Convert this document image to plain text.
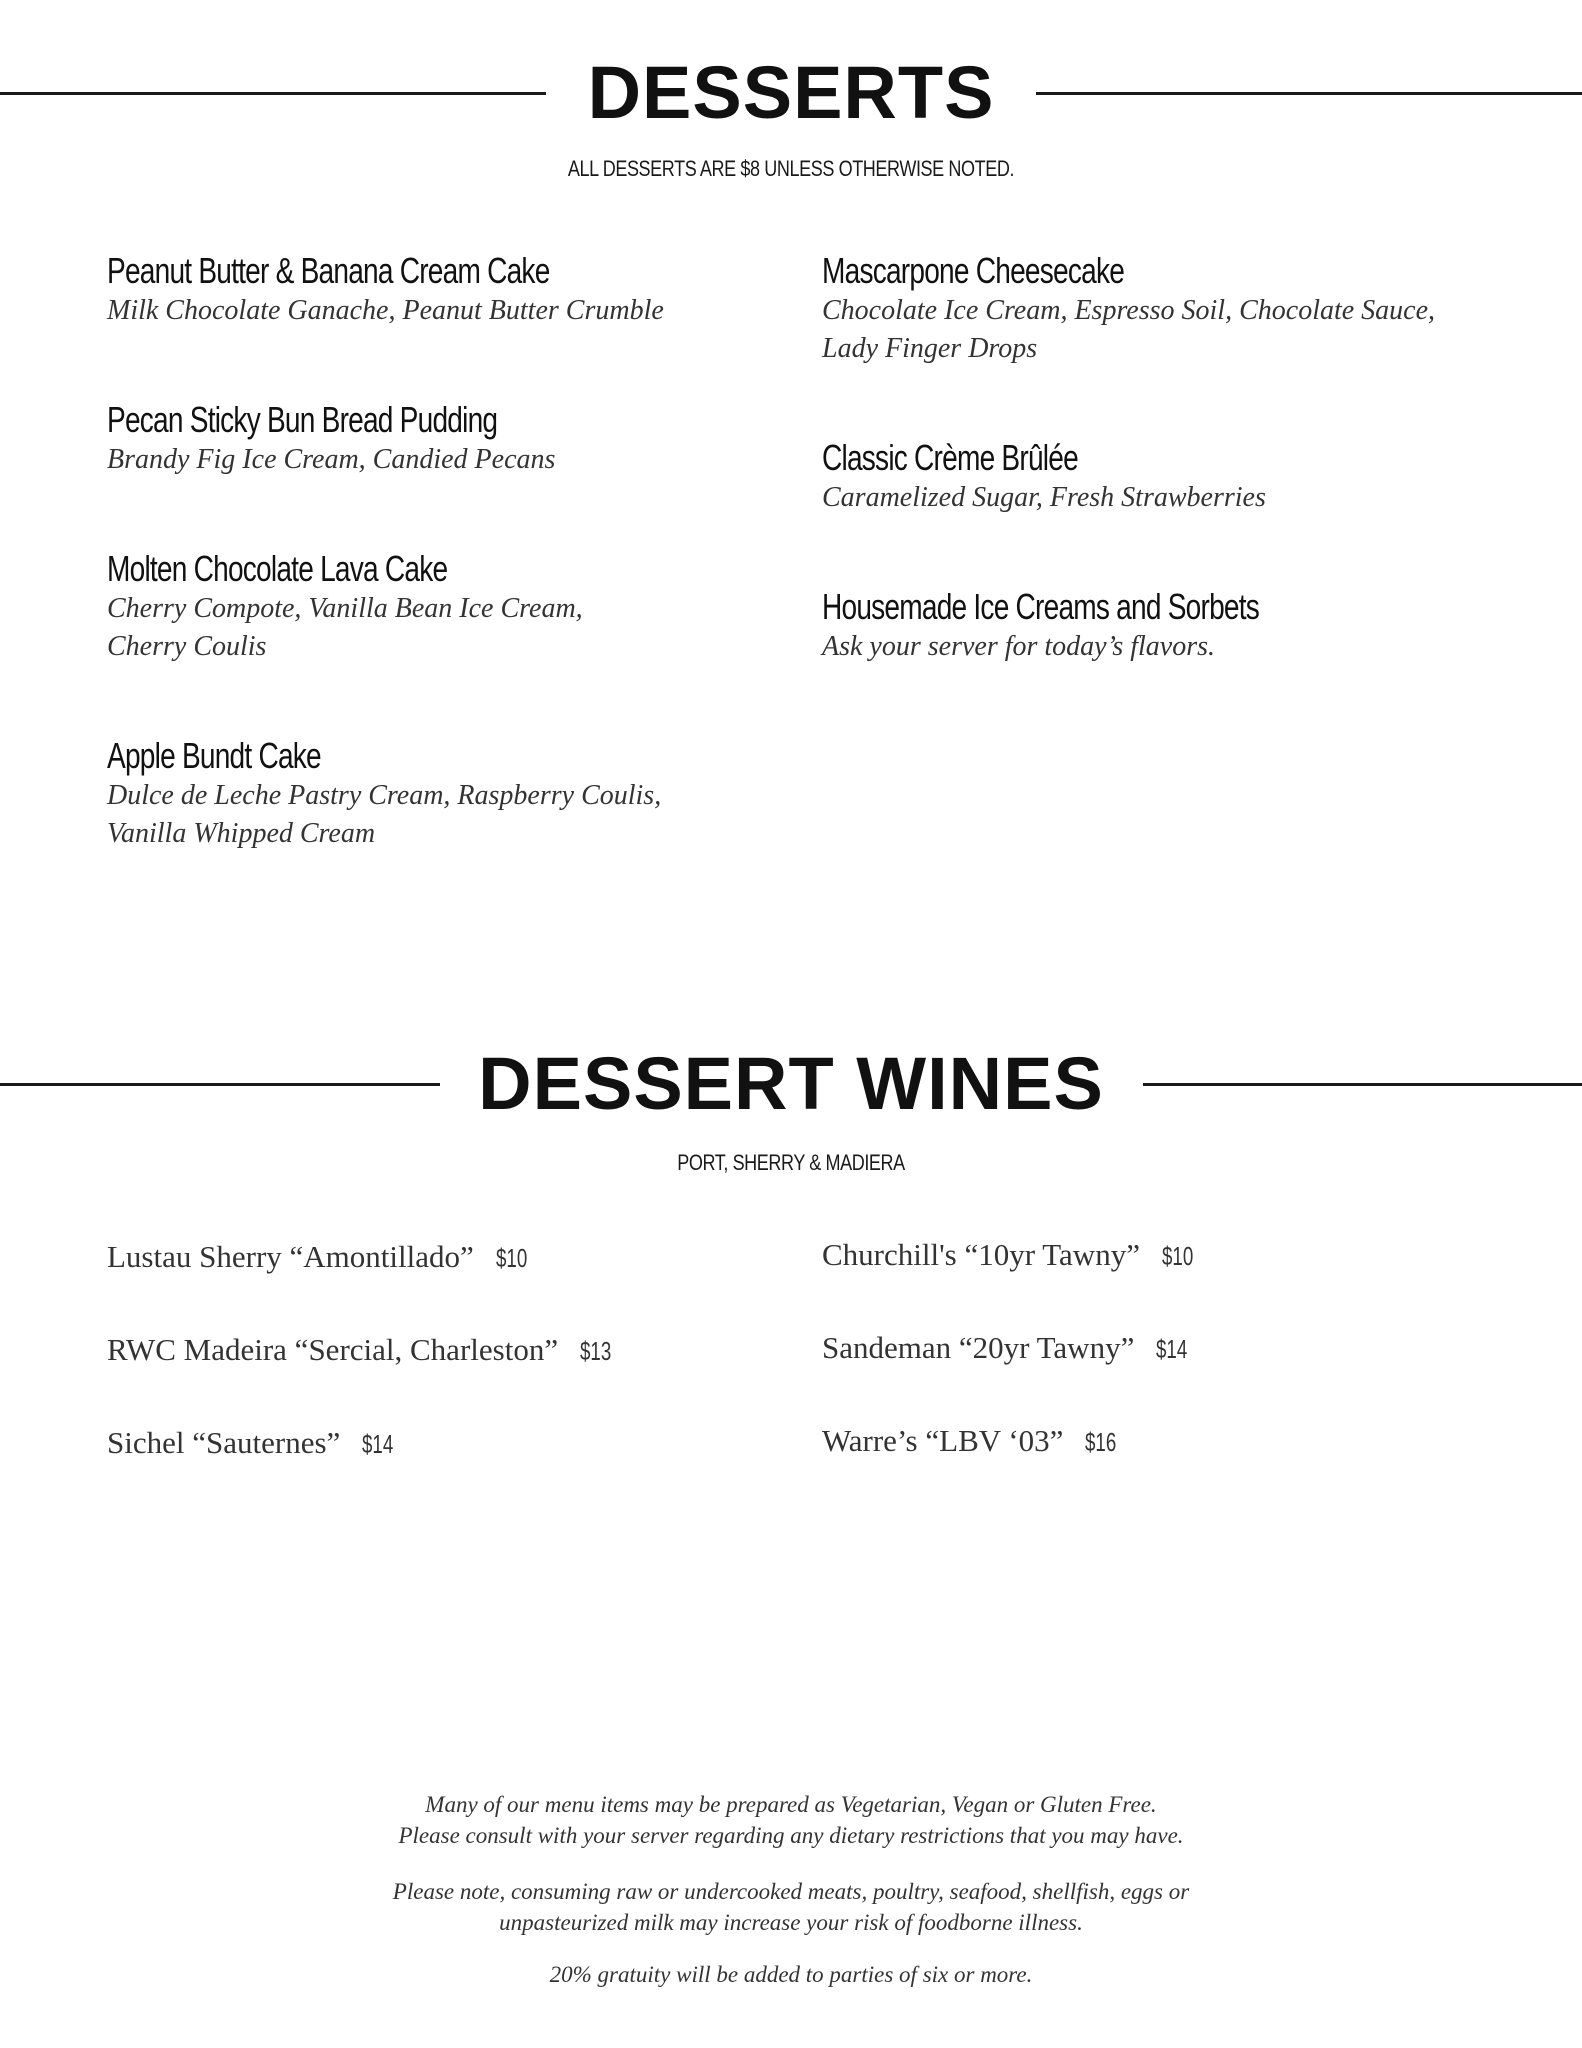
DESSERTS
ALL DESSERTS ARE $8 UNLESS OTHERWISE NOTED.
Peanut Butter & Banana Cream Cake
Milk Chocolate Ganache, Peanut Butter Crumble
Pecan Sticky Bun Bread Pudding
Brandy Fig Ice Cream, Candied Pecans
Molten Chocolate Lava Cake
Cherry Compote, Vanilla Bean Ice Cream, Cherry Coulis
Apple Bundt Cake
Dulce de Leche Pastry Cream, Raspberry Coulis, Vanilla Whipped Cream
Mascarpone Cheesecake
Chocolate Ice Cream, Espresso Soil, Chocolate Sauce, Lady Finger Drops
Classic Crème Brûlée
Caramelized Sugar, Fresh Strawberries
Housemade Ice Creams and Sorbets
Ask your server for today’s flavors.
DESSERT WINES
PORT, SHERRY & MADIERA
Lustau Sherry “Amontillado” $10
RWC Madeira “Sercial, Charleston” $13
Sichel “Sauternes” $14
Churchill's “10yr Tawny” $10
Sandeman “20yr Tawny” $14
Warre’s “LBV ‘03” $16
Many of our menu items may be prepared as Vegetarian, Vegan or Gluten Free.
Please consult with your server regarding any dietary restrictions that you may have.
Please note, consuming raw or undercooked meats, poultry, seafood, shellfish, eggs or
unpasteurized milk may increase your risk of foodborne illness.
20% gratuity will be added to parties of six or more.
